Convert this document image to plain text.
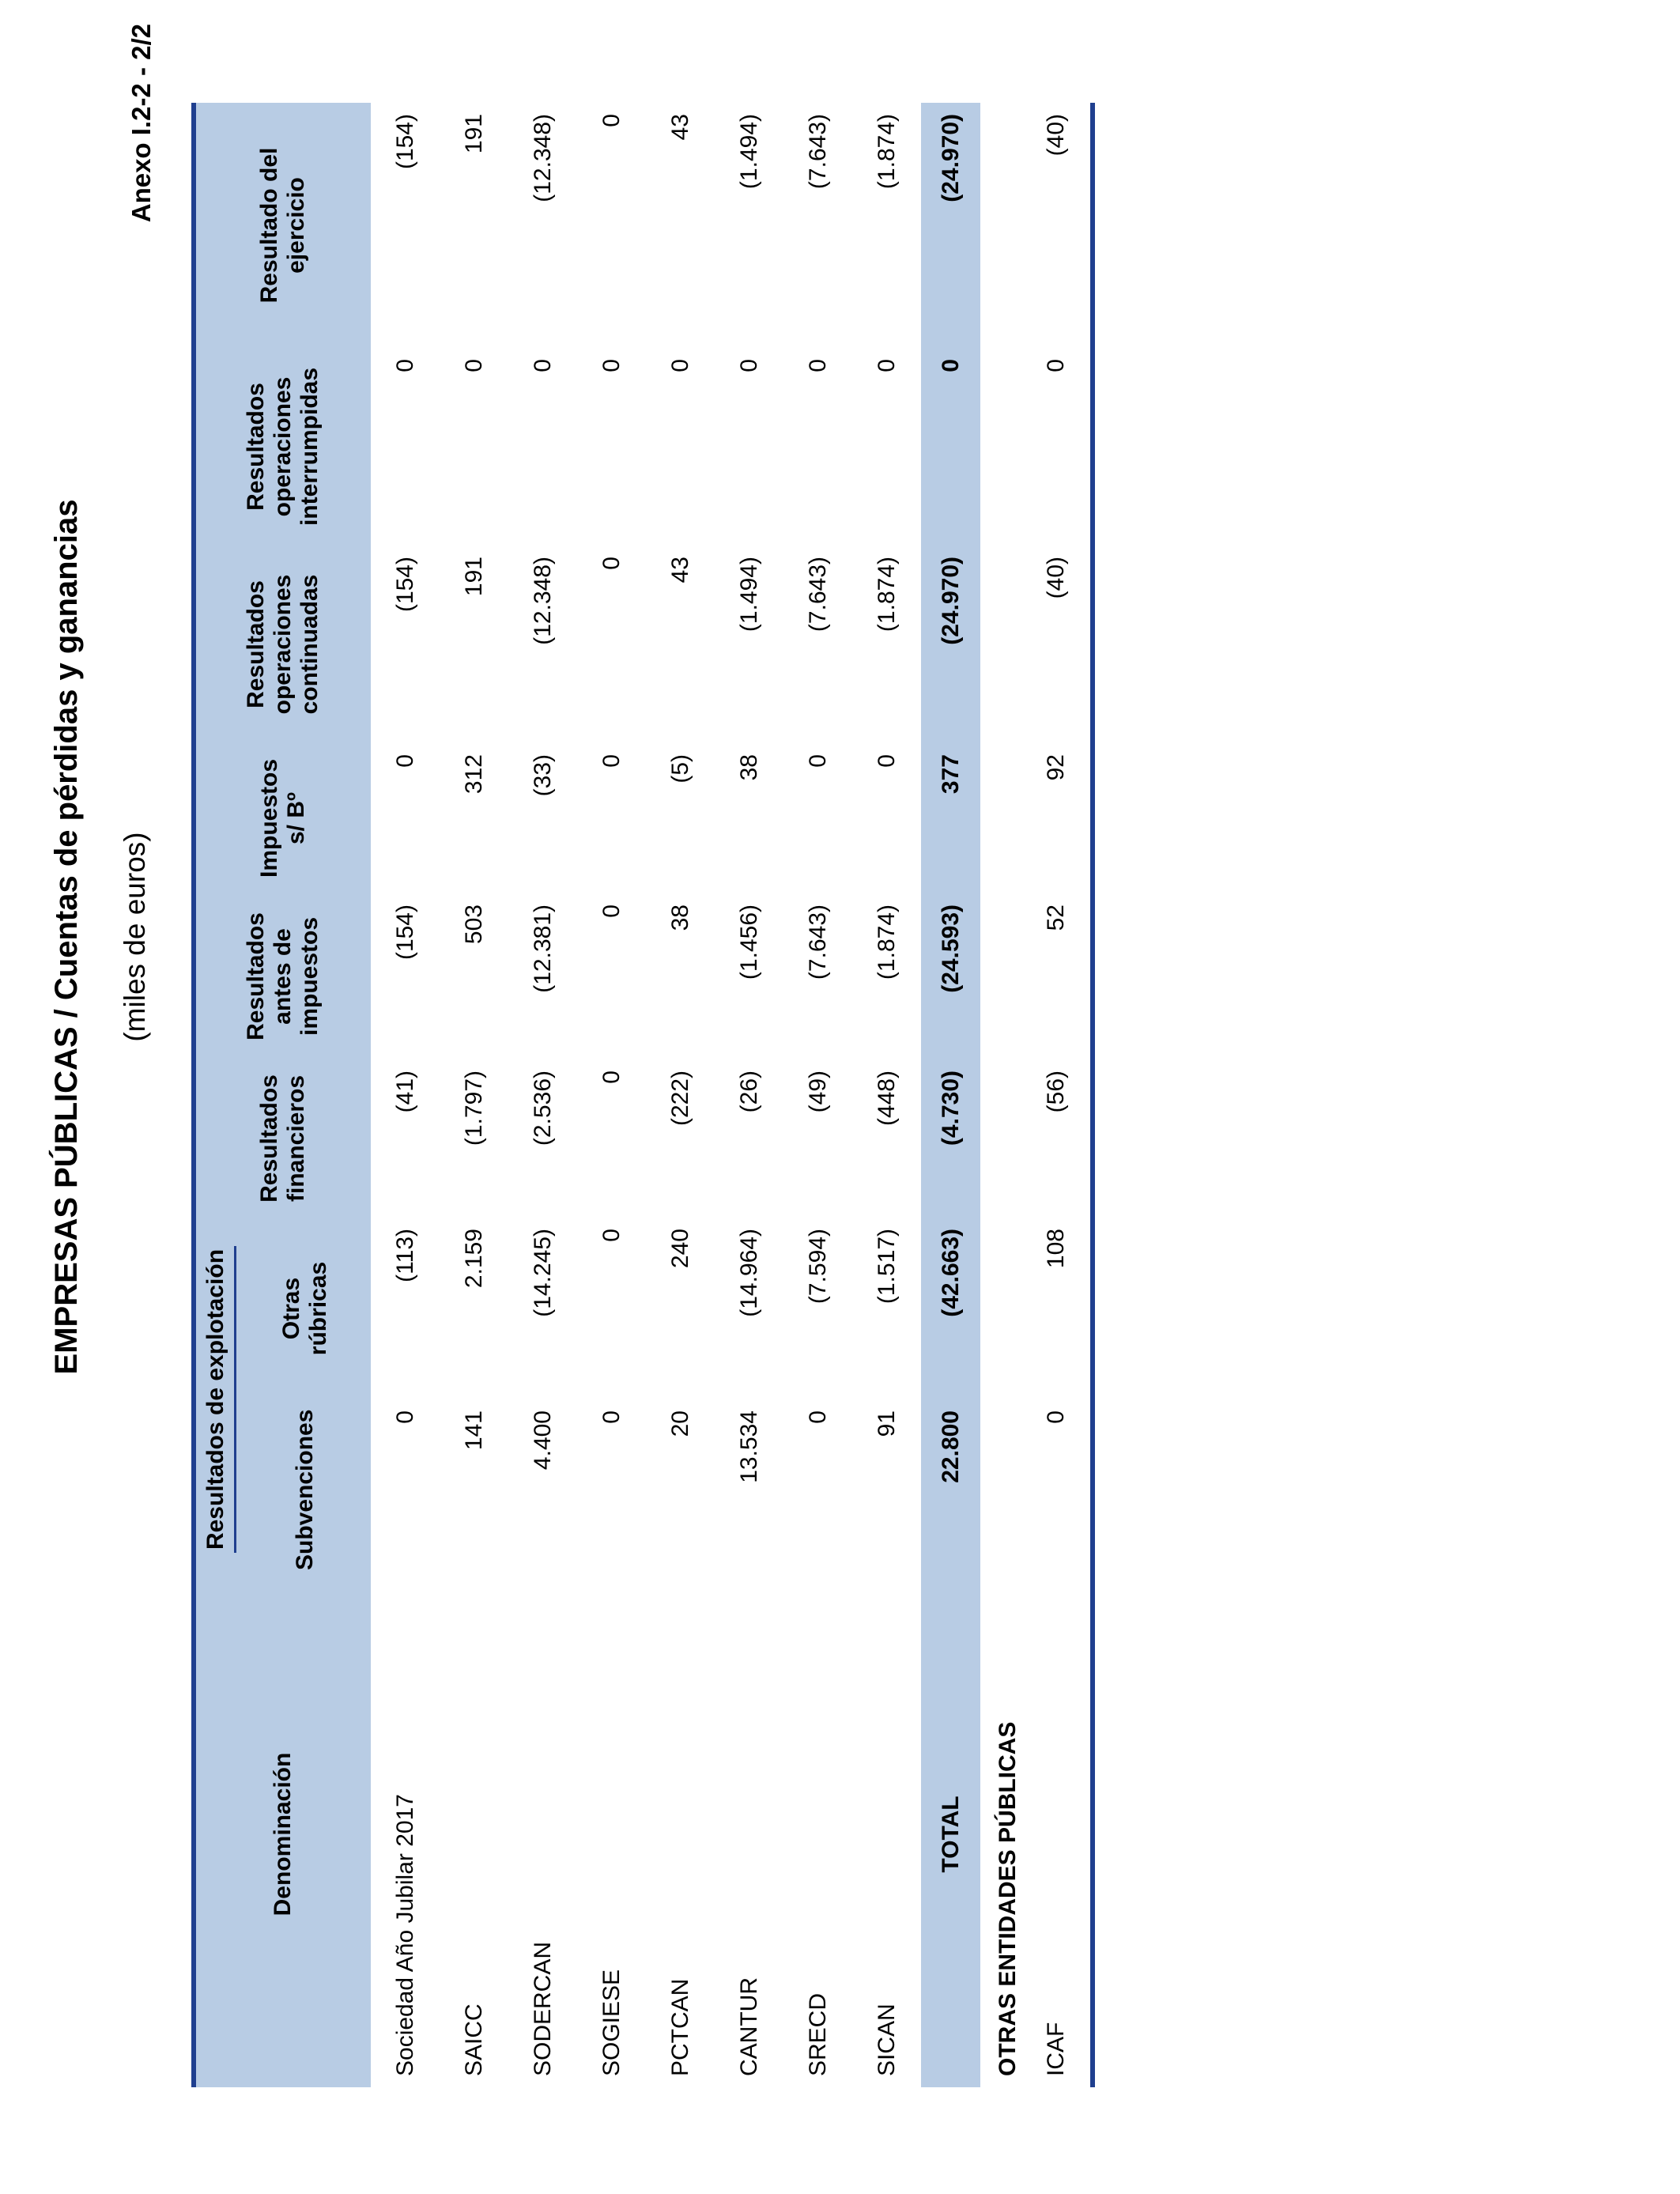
Anexo I.2-2 - 2/2
EMPRESAS PÚBLICAS / Cuentas de pérdidas y ganancias (miles de euros)
Denominación	Resultados de explotación		Resultados financieros	Resultados antes de impuestos	Impuestos s/ Bº	Resultados operaciones continuadas	Resultados operaciones interrumpidas	Resultado del ejercicio
	Subvenciones	Otras rúbricas						
Sociedad Año Jubilar 2017	0	(113)	(41)	(154)	0	(154)	0	(154)
SAICC	141	2.159	(1.797)	503	312	191	0	191
SODERCAN	4.400	(14.245)	(2.536)	(12.381)	(33)	(12.348)	0	(12.348)
SOGIESE	0	0	0	0	0	0	0	0
PCTCAN	20	240	(222)	38	(5)	43	0	43
CANTUR	13.534	(14.964)	(26)	(1.456)	38	(1.494)	0	(1.494)
SRECD	0	(7.594)	(49)	(7.643)	0	(7.643)	0	(7.643)
SICAN	91	(1.517)	(448)	(1.874)	0	(1.874)	0	(1.874)
TOTAL	22.800	(42.663)	(4.730)	(24.593)	377	(24.970)	0	(24.970)
OTRAS ENTIDADES PÚBLICAS								
ICAF	0	108	(56)	52	92	(40)	0	(40)
